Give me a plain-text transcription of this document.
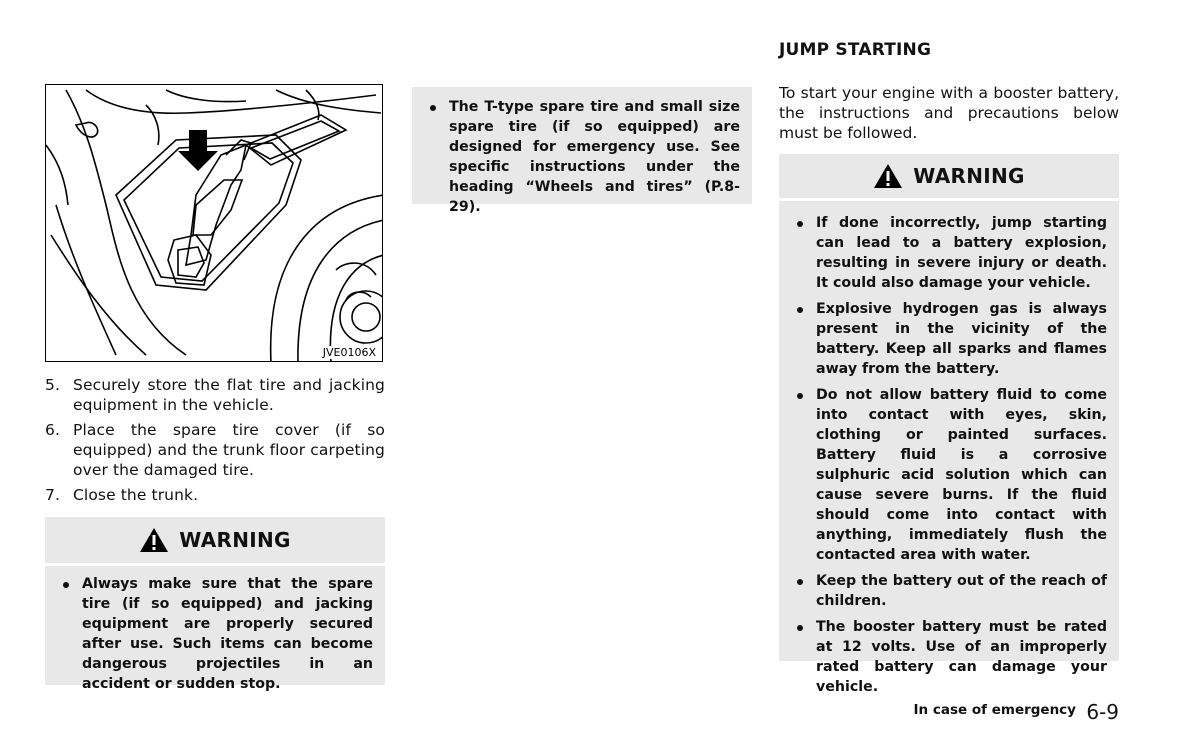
JVE0106X
5. Securely store the flat tire and jacking equipment in the vehicle.
6. Place the spare tire cover (if so equipped) and the trunk floor carpeting over the damaged tire.
7. Close the trunk.
WARNING
Always make sure that the spare tire (if so equipped) and jacking equipment are properly secured after use. Such items can become dangerous projectiles in an accident or sudden stop.
The T-type spare tire and small size spare tire (if so equipped) are designed for emergency use. See specific instructions under the heading “Wheels and tires” (P.8-29).
JUMP STARTING

To start your engine with a booster battery, the instructions and precautions below must be followed.

WARNING
If done incorrectly, jump starting can lead to a battery explosion, resulting in severe injury or death. It could also damage your vehicle.
Explosive hydrogen gas is always present in the vicinity of the battery. Keep all sparks and flames away from the battery.
Do not allow battery fluid to come into contact with eyes, skin, clothing or painted surfaces. Battery fluid is a corrosive sulphuric acid solution which can cause severe burns. If the fluid should come into contact with anything, immediately flush the contacted area with water.
Keep the battery out of the reach of children.
The booster battery must be rated at 12 volts. Use of an improperly rated battery can damage your vehicle.
In case of emergency 6-9
